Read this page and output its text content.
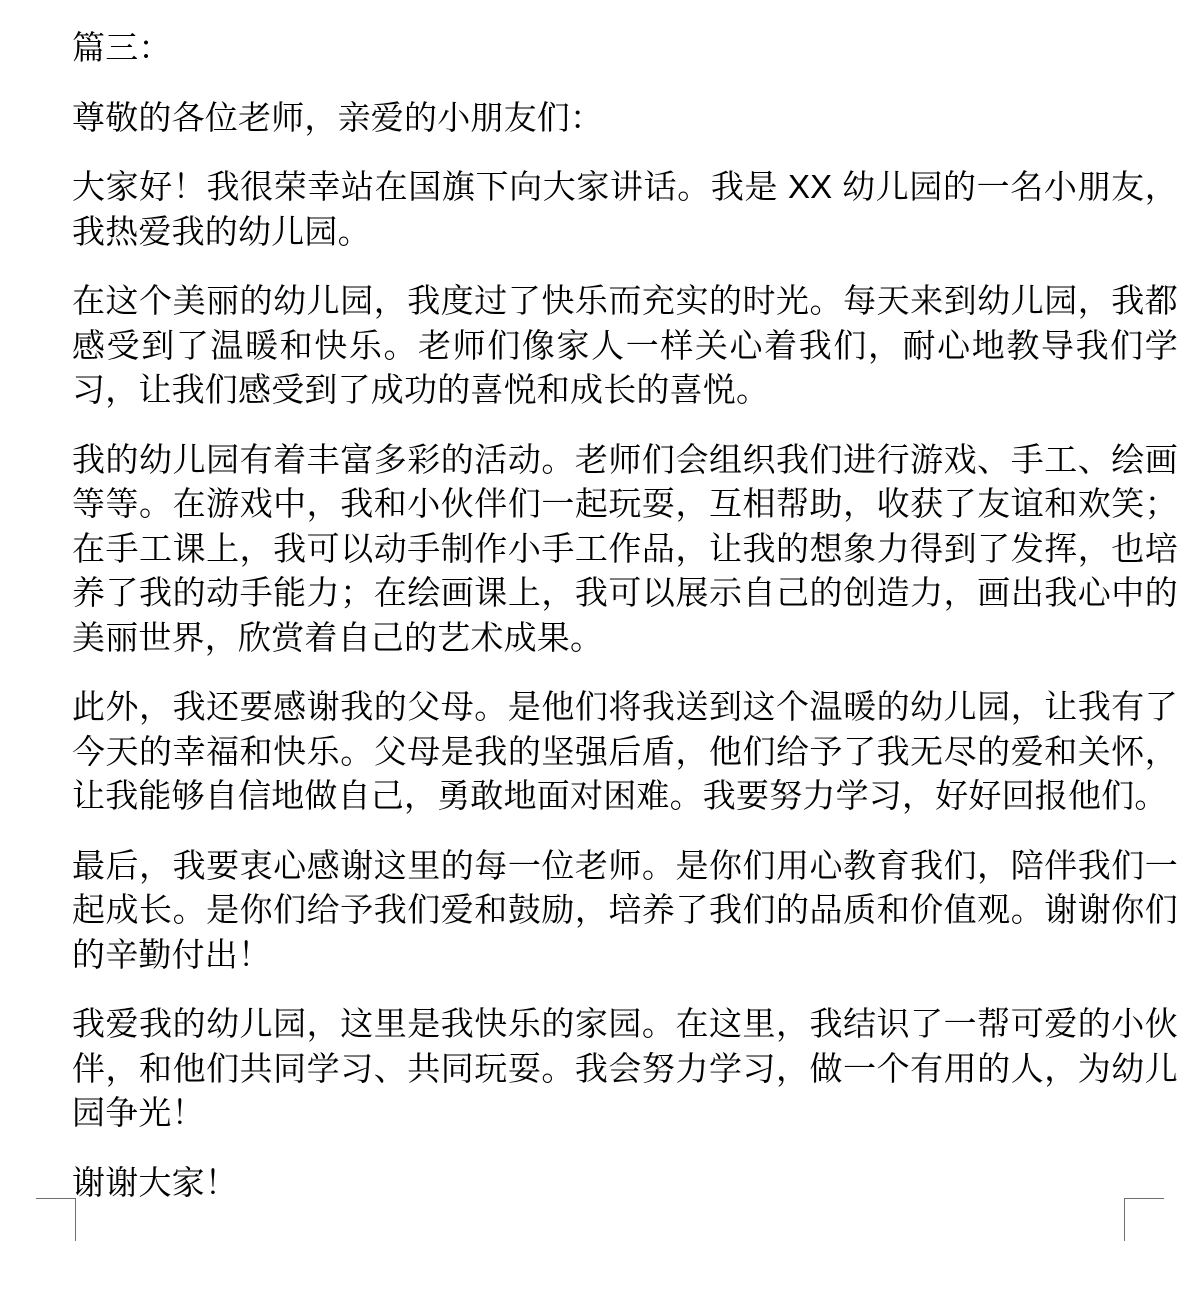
篇三：

尊敬的各位老师，亲爱的小朋友们：

大家好！我很荣幸站在国旗下向大家讲话。我是 XX 幼儿园的一名小朋友，我热爱我的幼儿园。

在这个美丽的幼儿园，我度过了快乐而充实的时光。每天来到幼儿园，我都感受到了温暖和快乐。老师们像家人一样关心着我们，耐心地教导我们学习，让我们感受到了成功的喜悦和成长的喜悦。

我的幼儿园有着丰富多彩的活动。老师们会组织我们进行游戏、手工、绘画等等。在游戏中，我和小伙伴们一起玩耍，互相帮助，收获了友谊和欢笑；在手工课上，我可以动手制作小手工作品，让我的想象力得到了发挥，也培养了我的动手能力；在绘画课上，我可以展示自己的创造力，画出我心中的美丽世界，欣赏着自己的艺术成果。

此外，我还要感谢我的父母。是他们将我送到这个温暖的幼儿园，让我有了今天的幸福和快乐。父母是我的坚强后盾，他们给予了我无尽的爱和关怀，让我能够自信地做自己，勇敢地面对困难。我要努力学习，好好回报他们。

最后，我要衷心感谢这里的每一位老师。是你们用心教育我们，陪伴我们一起成长。是你们给予我们爱和鼓励，培养了我们的品质和价值观。谢谢你们的辛勤付出！

我爱我的幼儿园，这里是我快乐的家园。在这里，我结识了一帮可爱的小伙伴，和他们共同学习、共同玩耍。我会努力学习，做一个有用的人，为幼儿园争光！

谢谢大家！
